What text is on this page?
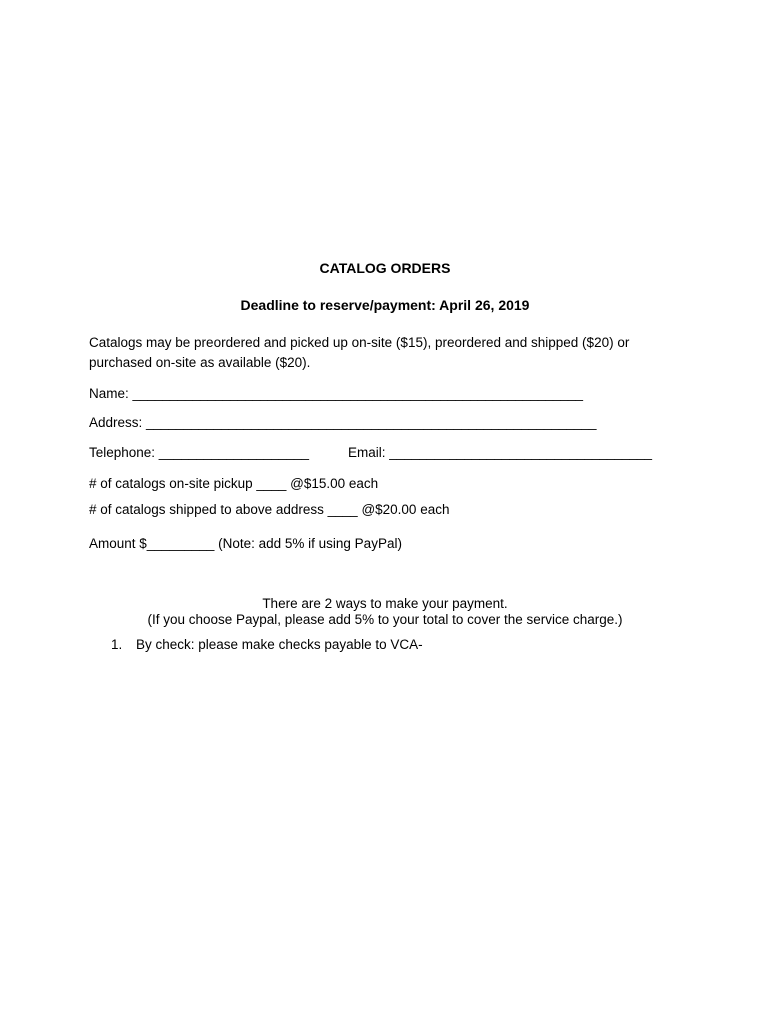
CATALOG ORDERS
Deadline to reserve/payment: April 26, 2019
Catalogs may be preordered and picked up on-site ($15), preordered and shipped ($20) or
purchased on-site as available ($20).
Name: ____________________________________________________________
Address: ____________________________________________________________
Telephone: ____________________	Email: ___________________________________
# of catalogs on-site pickup ____ @$15.00 each
# of catalogs shipped to above address ____ @$20.00 each
Amount $_________ (Note: add 5% if using PayPal)
There are 2 ways to make your payment.
(If you choose Paypal, please add 5% to your total to cover the service charge.)
1. By check: please make checks payable to VCA-
